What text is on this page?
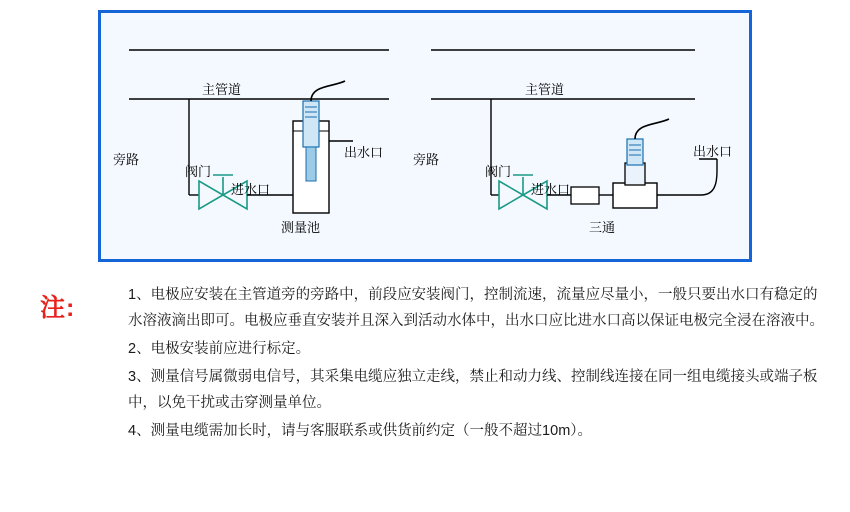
主管道
旁路
阀门
进水口
出水口
测量池
主管道
旁路
阀门
进水口
出水口
三通
注:	1、电极应安装在主管道旁的旁路中，前段应安装阀门，控制流速，流量应尽量小，一般只要出水口有稳定的水溶液滴出即可。电极应垂直安装并且深入到活动水体中，出水口应比进水口高以保证电极完全浸在溶液中。
2、电极安装前应进行标定。
3、测量信号属微弱电信号，其采集电缆应独立走线，禁止和动力线、控制线连接在同一组电缆接头或端子板中，以免干扰或击穿测量单位。
4、测量电缆需加长时，请与客服联系或供货前约定（一般不超过10m）。
